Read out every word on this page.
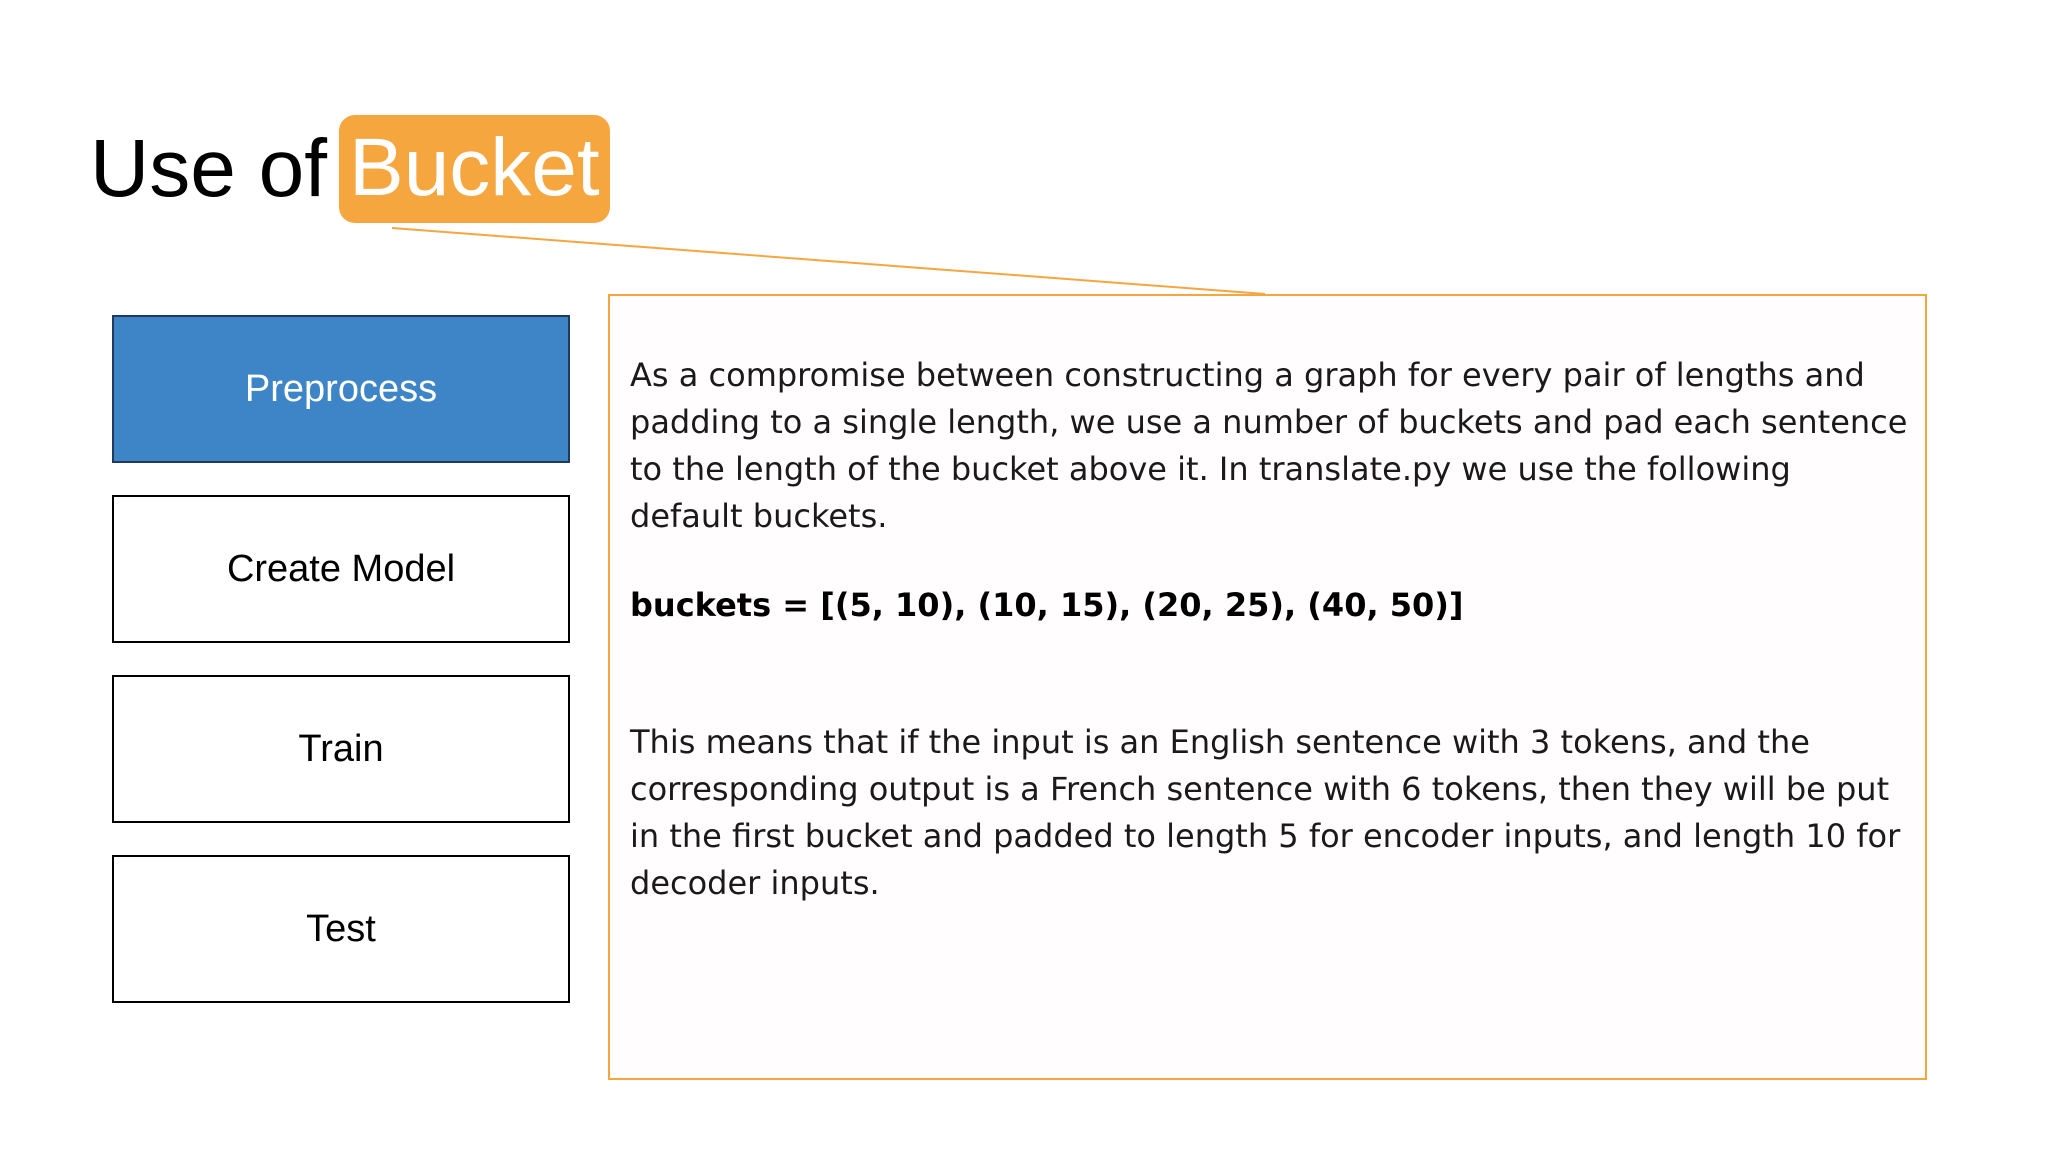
Use of Bucket
Preprocess
Create Model
Train
Test

As a compromise between constructing a graph for every pair of lengths and padding to a single length, we use a number of buckets and pad each sentence to the length of the bucket above it. In translate.py we use the following default buckets.

buckets = [(5, 10), (10, 15), (20, 25), (40, 50)]

This means that if the input is an English sentence with 3 tokens, and the corresponding output is a French sentence with 6 tokens, then they will be put in the first bucket and padded to length 5 for encoder inputs, and length 10 for decoder inputs.
